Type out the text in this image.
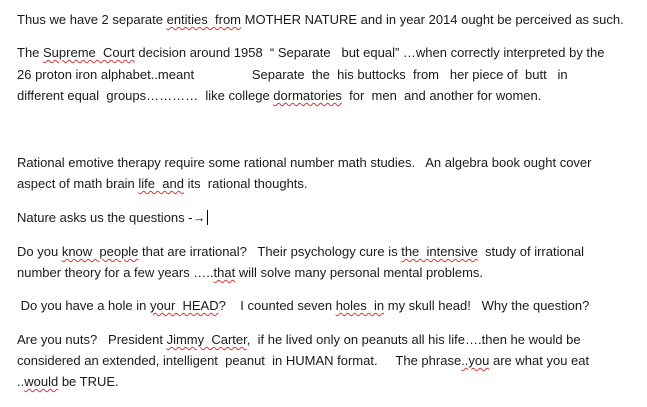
Thus we have 2 separate entities  from MOTHER NATURE and in year 2014 ought be perceived as such.
The Supreme  Court decision around 1958  “ Separate   but equal” …when correctly interpreted by the
26 proton iron alphabet..meant                Separate  the  his buttocks  from   her piece of  butt   in
different equal  groups…………  like college dormatories  for  men  and another for women.
Rational emotive therapy require some rational number math studies.   An algebra book ought cover
aspect of math brain life  and its  rational thoughts.
Nature asks us the questions -→
Do you know  people that are irrational?   Their psychology cure is the  intensive  study of irrational
number theory for a few years …..that will solve many personal mental problems.
Do you have a hole in your  HEAD?    I counted seven holes  in my skull head!   Why the question?
Are you nuts?   President Jimmy  Carter,  if he lived only on peanuts all his life….then he would be
considered an extended, intelligent  peanut  in HUMAN format.     The phrase..you are what you eat
..would be TRUE.
